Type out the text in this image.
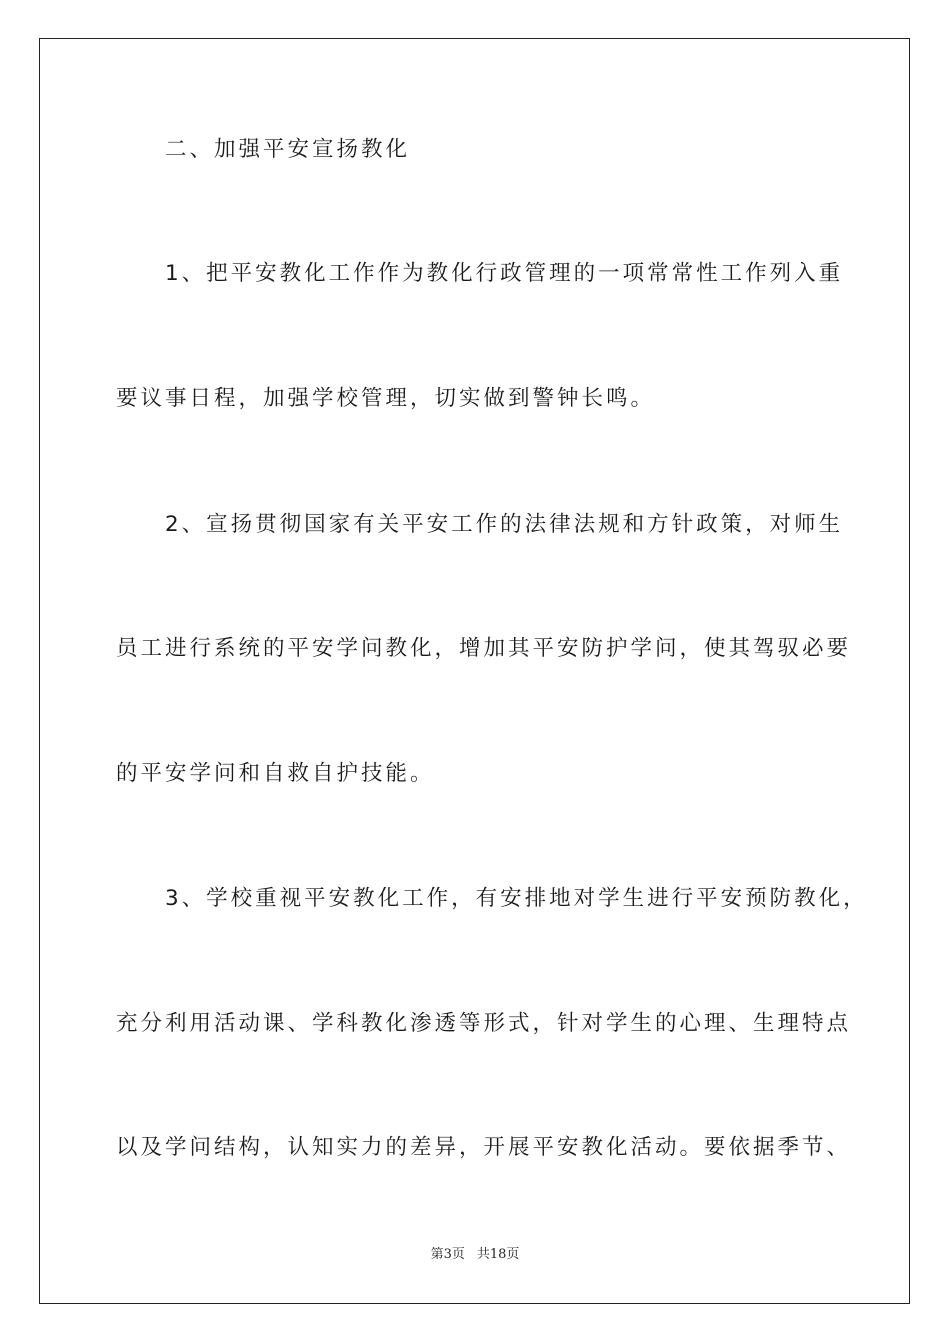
　　二、加强平安宣扬教化

　　1、把平安教化工作作为教化行政管理的一项常常性工作列入重

要议事日程，加强学校管理，切实做到警钟长鸣。

　　2、宣扬贯彻国家有关平安工作的法律法规和方针政策，对师生

员工进行系统的平安学问教化，增加其平安防护学问，使其驾驭必要

的平安学问和自救自护技能。

　　3、学校重视平安教化工作，有安排地对学生进行平安预防教化，

充分利用活动课、学科教化渗透等形式，针对学生的心理、生理特点

以及学问结构，认知实力的差异，开展平安教化活动。要依据季节、

第3页 共18页
